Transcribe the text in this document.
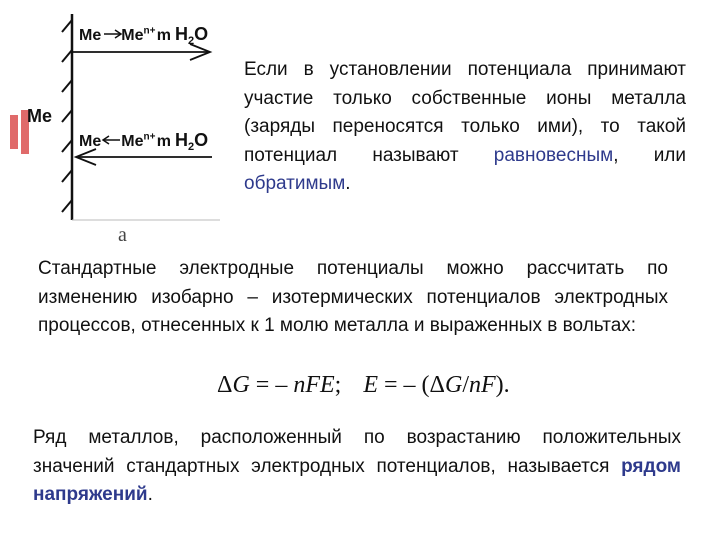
Me $Me^{n+}$ m $H_2O$
Me $Me^{n+}$ m $H_2O$
Me
a
Если в установлении потенциала принимают участие только собственные ионы металла (заряды переносятся только ими), то такой потенциал называют равновесным, или обратимым.
Стандартные электродные потенциалы можно рассчитать по изменению изобарно – изотермических потенциалов электродных процессов, отнесенных к 1 молю металла и выраженных в вольтах:
ΔG = – nFE; E = – (ΔG/nF).
Ряд металлов, расположенный по возрастанию положительных значений стандартных электродных потенциалов, называется рядом напряжений.
